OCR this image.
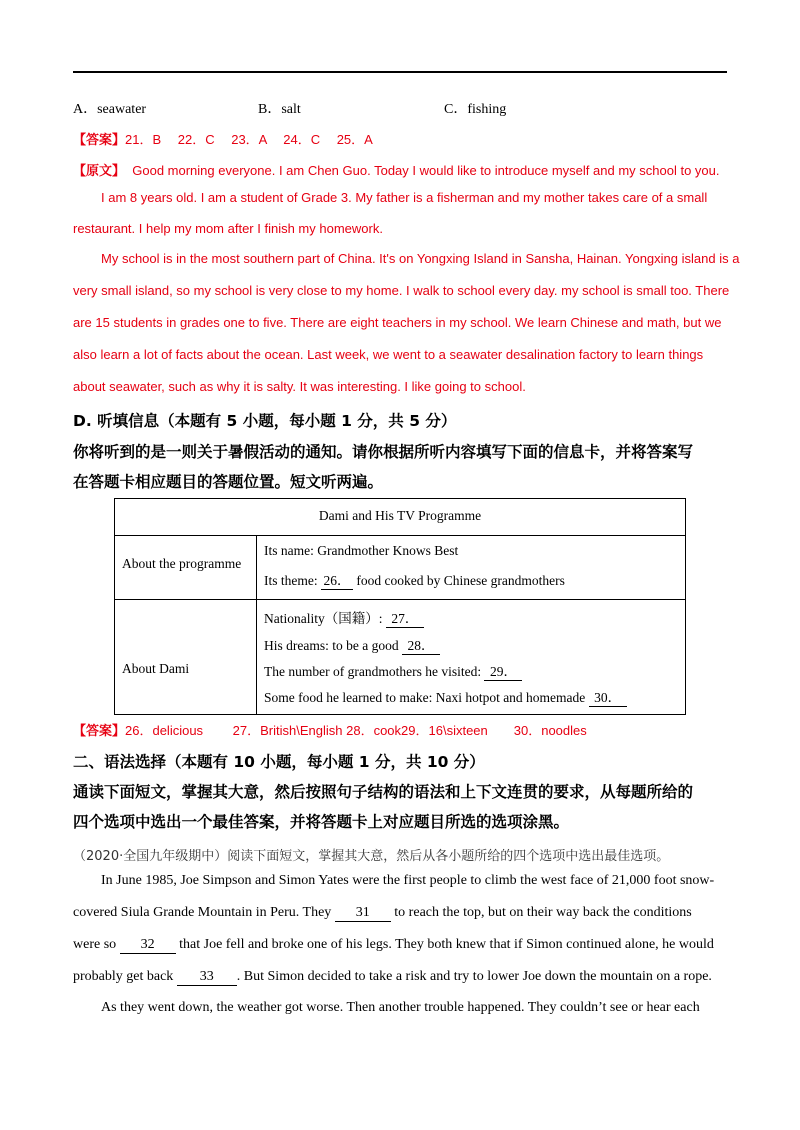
A．seawater	B．salt	C．fishing
【答案】21．B　 22．C　 23．A　 24．C　 25．A
【原文】 Good morning everyone. I am Chen Guo. Today I would like to introduce myself and my school to you.
I am 8 years old. I am a student of Grade 3. My father is a fisherman and my mother takes care of a small
restaurant. I help my mom after I finish my homework.
My school is in the most southern part of China. It's on Yongxing Island in Sansha, Hainan. Yongxing island is a
very small island, so my school is very close to my home. I walk to school every day. my school is small too. There
are 15 students in grades one to five. There are eight teachers in my school. We learn Chinese and math, but we
also learn a lot of facts about the ocean. Last week, we went to a seawater desalination factory to learn things
about seawater, such as why it is salty. It was interesting. I like going to school.
D. 听填信息（本题有 5 小题，每小题 1 分，共 5 分）
你将听到的是一则关于暑假活动的通知。请你根据所听内容填写下面的信息卡，并将答案写
在答题卡相应题目的答题位置。短文听两遍。
Dami and His TV Programme
About the programme
Its name: Grandmother Knows Best
Its theme: 26． food cooked by Chinese grandmothers
About Dami
Nationality（国籍）: 27．
His dreams: to be a good 28．
The number of grandmothers he visited: 29．
Some food he learned to make: Naxi hotpot and homemade 30．
【答案】26．delicious　　 27．British\English 28．cook29．16\sixteen　　30．noodles
二、语法选择（本题有 10 小题，每小题 1 分，共 10 分）
通读下面短文，掌握其大意，然后按照句子结构的语法和上下文连贯的要求，从每题所给的
四个选项中选出一个最佳答案，并将答题卡上对应题目所选的选项涂黑。
（2020·全国九年级期中）阅读下面短文，掌握其大意，然后从各小题所给的四个选项中选出最佳选项。
In June 1985, Joe Simpson and Simon Yates were the first people to climb the west face of 21,000 foot snow-
covered Siula Grande Mountain in Peru. They 31 to reach the top, but on their way back the conditions
were so 32 that Joe fell and broke one of his legs. They both knew that if Simon continued alone, he would
probably get back 33 . But Simon decided to take a risk and try to lower Joe down the mountain on a rope.
As they went down, the weather got worse. Then another trouble happened. They couldn’t see or hear each
